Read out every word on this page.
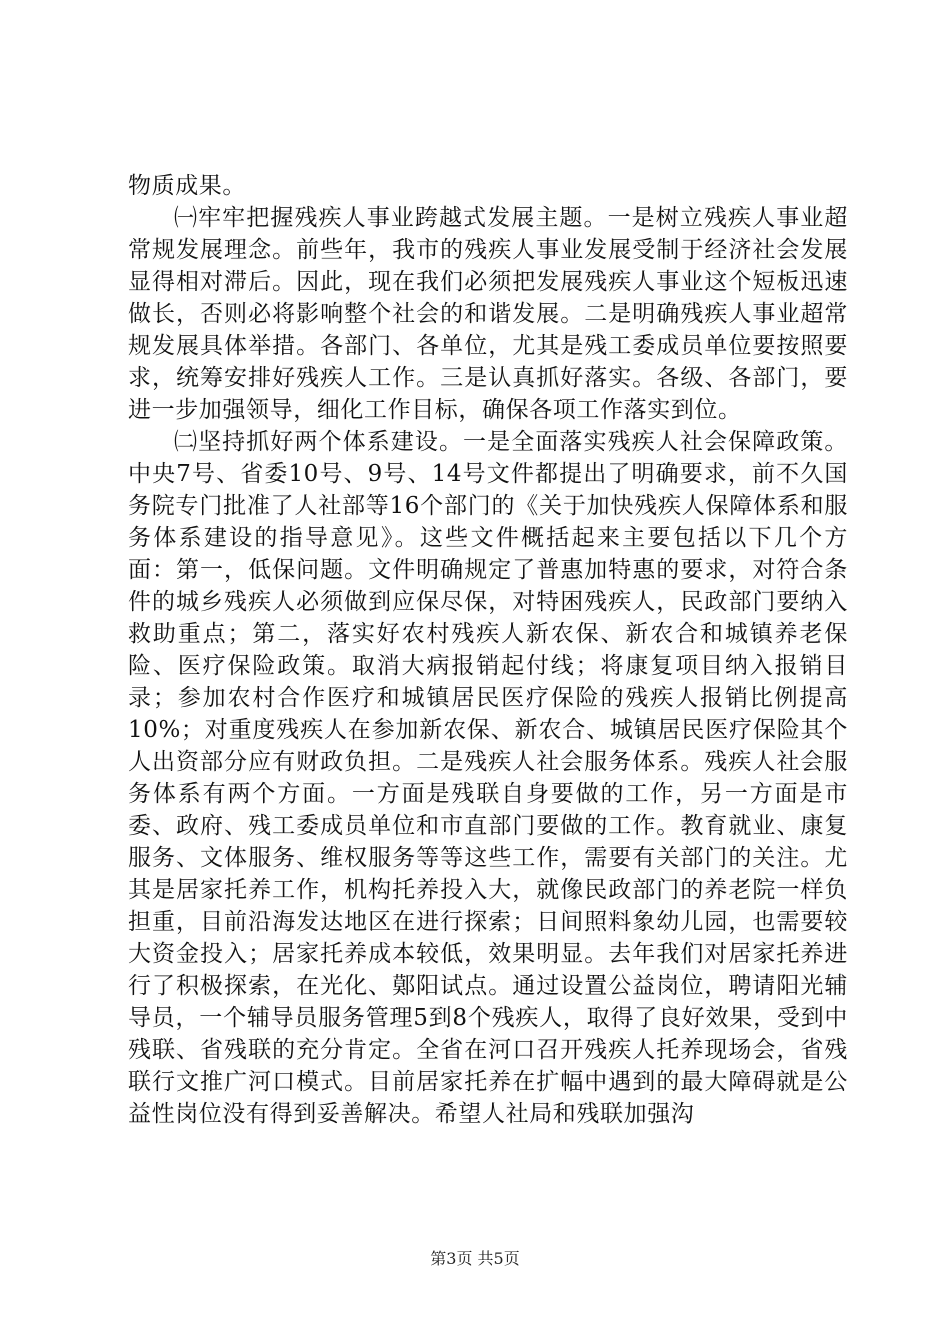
物质成果。

㈠牢牢把握残疾人事业跨越式发展主题。一是树立残疾人事业超常规发展理念。前些年，我市的残疾人事业发展受制于经济社会发展显得相对滞后。因此，现在我们必须把发展残疾人事业这个短板迅速做长，否则必将影响整个社会的和谐发展。二是明确残疾人事业超常规发展具体举措。各部门、各单位，尤其是残工委成员单位要按照要求，统筹安排好残疾人工作。三是认真抓好落实。各级、各部门，要进一步加强领导，细化工作目标，确保各项工作落实到位。

㈡坚持抓好两个体系建设。一是全面落实残疾人社会保障政策。中央7号、省委10号、9号、14号文件都提出了明确要求，前不久国务院专门批准了人社部等16个部门的《关于加快残疾人保障体系和服务体系建设的指导意见》。这些文件概括起来主要包括以下几个方面：第一，低保问题。文件明确规定了普惠加特惠的要求，对符合条件的城乡残疾人必须做到应保尽保，对特困残疾人，民政部门要纳入救助重点；第二，落实好农村残疾人新农保、新农合和城镇养老保险、医疗保险政策。取消大病报销起付线；将康复项目纳入报销目录；参加农村合作医疗和城镇居民医疗保险的残疾人报销比例提高10%；对重度残疾人在参加新农保、新农合、城镇居民医疗保险其个人出资部分应有财政负担。二是残疾人社会服务体系。残疾人社会服务体系有两个方面。一方面是残联自身要做的工作，另一方面是市委、政府、残工委成员单位和市直部门要做的工作。教育就业、康复服务、文体服务、维权服务等等这些工作，需要有关部门的关注。尤其是居家托养工作，机构托养投入大，就像民政部门的养老院一样负担重，目前沿海发达地区在进行探索；日间照料象幼儿园，也需要较大资金投入；居家托养成本较低，效果明显。去年我们对居家托养进行了积极探索，在光化、鄚阳试点。通过设置公益岗位，聘请阳光辅导员，一个辅导员服务管理5到8个残疾人，取得了良好效果，受到中残联、省残联的充分肯定。全省在河口召开残疾人托养现场会，省残联行文推广河口模式。目前居家托养在扩幅中遇到的最大障碍就是公益性岗位没有得到妥善解决。希望人社局和残联加强沟

第3页 共5页
